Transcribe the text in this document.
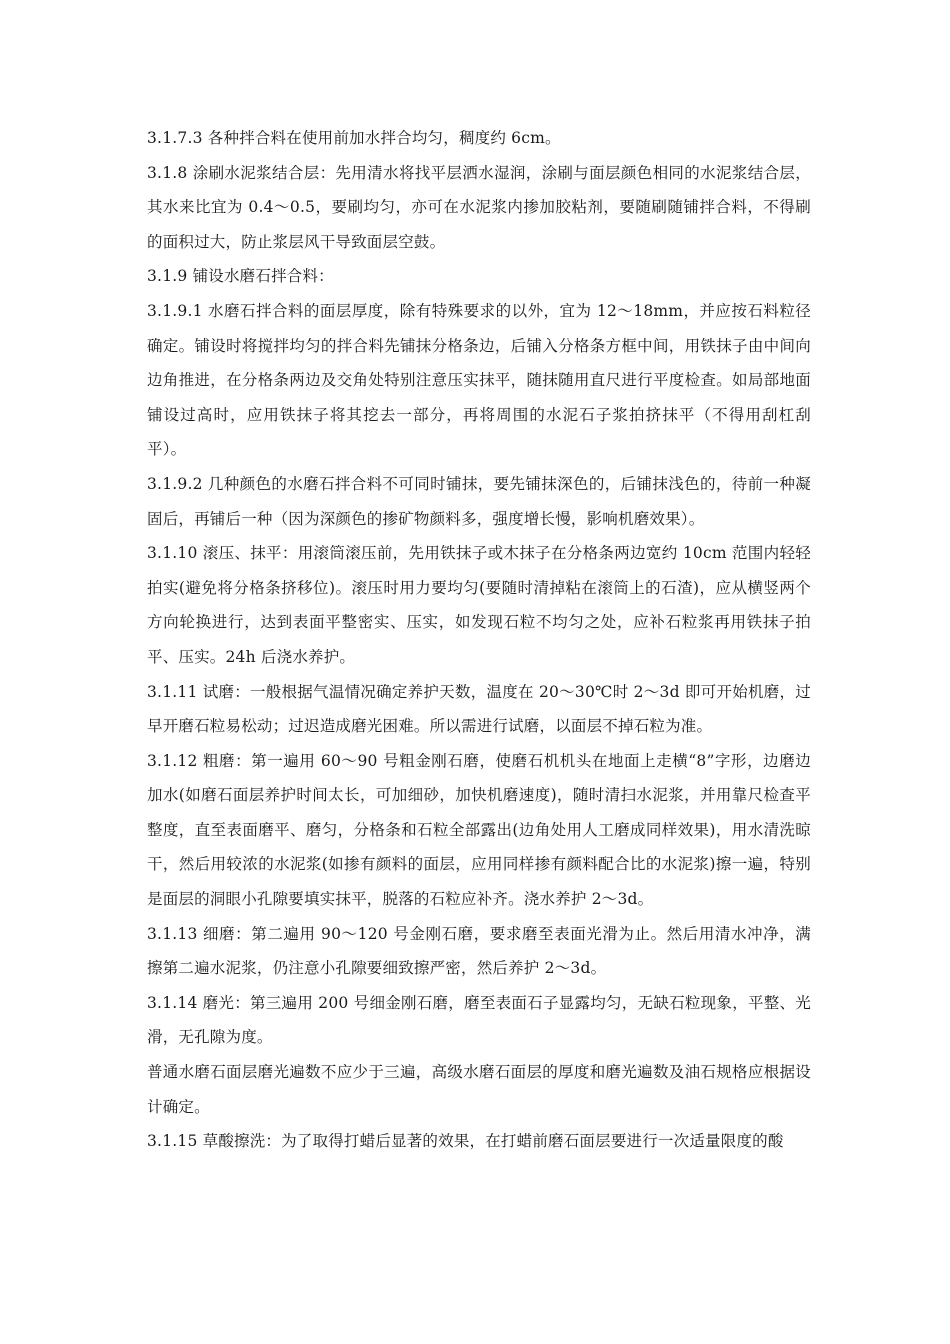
3.1.7.3 各种拌合料在使用前加水拌合均匀，稠度约 6cm。

3.1.8 涂刷水泥浆结合层：先用清水将找平层洒水湿润，涂刷与面层颜色相同的水泥浆结合层，其水来比宜为 0.4～0.5，要刷均匀，亦可在水泥浆内掺加胶粘剂，要随刷随铺拌合料，不得刷的面积过大，防止浆层风干导致面层空鼓。

3.1.9 铺设水磨石拌合料：

3.1.9.1 水磨石拌合料的面层厚度，除有特殊要求的以外，宜为 12～18mm，并应按石料粒径确定。铺设时将搅拌均匀的拌合料先铺抹分格条边，后铺入分格条方框中间，用铁抹子由中间向边角推进，在分格条两边及交角处特别注意压实抹平，随抹随用直尺进行平度检查。如局部地面铺设过高时，应用铁抹子将其挖去一部分，再将周围的水泥石子浆拍挤抹平（不得用刮杠刮平）。

3.1.9.2 几种颜色的水磨石拌合料不可同时铺抹，要先铺抹深色的，后铺抹浅色的，待前一种凝固后，再铺后一种（因为深颜色的掺矿物颜料多，强度增长慢，影响机磨效果）。

3.1.10 滚压、抹平：用滚筒滚压前，先用铁抹子或木抹子在分格条两边宽约 10cm 范围内轻轻拍实(避免将分格条挤移位)。滚压时用力要均匀(要随时清掉粘在滚筒上的石渣)，应从横竖两个方向轮换进行，达到表面平整密实、压实，如发现石粒不均匀之处，应补石粒浆再用铁抹子拍平、压实。24h 后浇水养护。

3.1.11 试磨：一般根据气温情况确定养护天数，温度在 20～30℃时 2～3d 即可开始机磨，过早开磨石粒易松动；过迟造成磨光困难。所以需进行试磨，以面层不掉石粒为准。

3.1.12 粗磨：第一遍用 60～90 号粗金刚石磨，使磨石机机头在地面上走横“8”字形，边磨边加水(如磨石面层养护时间太长，可加细砂，加快机磨速度)，随时清扫水泥浆，并用靠尺检查平整度，直至表面磨平、磨匀，分格条和石粒全部露出(边角处用人工磨成同样效果)，用水清洗晾干，然后用较浓的水泥浆(如掺有颜料的面层，应用同样掺有颜料配合比的水泥浆)擦一遍，特别是面层的洞眼小孔隙要填实抹平，脱落的石粒应补齐。浇水养护 2～3d。

3.1.13 细磨：第二遍用 90～120 号金刚石磨，要求磨至表面光滑为止。然后用清水冲净，满擦第二遍水泥浆，仍注意小孔隙要细致擦严密，然后养护 2～3d。

3.1.14 磨光：第三遍用 200 号细金刚石磨，磨至表面石子显露均匀，无缺石粒现象，平整、光滑，无孔隙为度。

普通水磨石面层磨光遍数不应少于三遍，高级水磨石面层的厚度和磨光遍数及油石规格应根据设计确定。

3.1.15 草酸擦洗：为了取得打蜡后显著的效果，在打蜡前磨石面层要进行一次适量限度的酸
